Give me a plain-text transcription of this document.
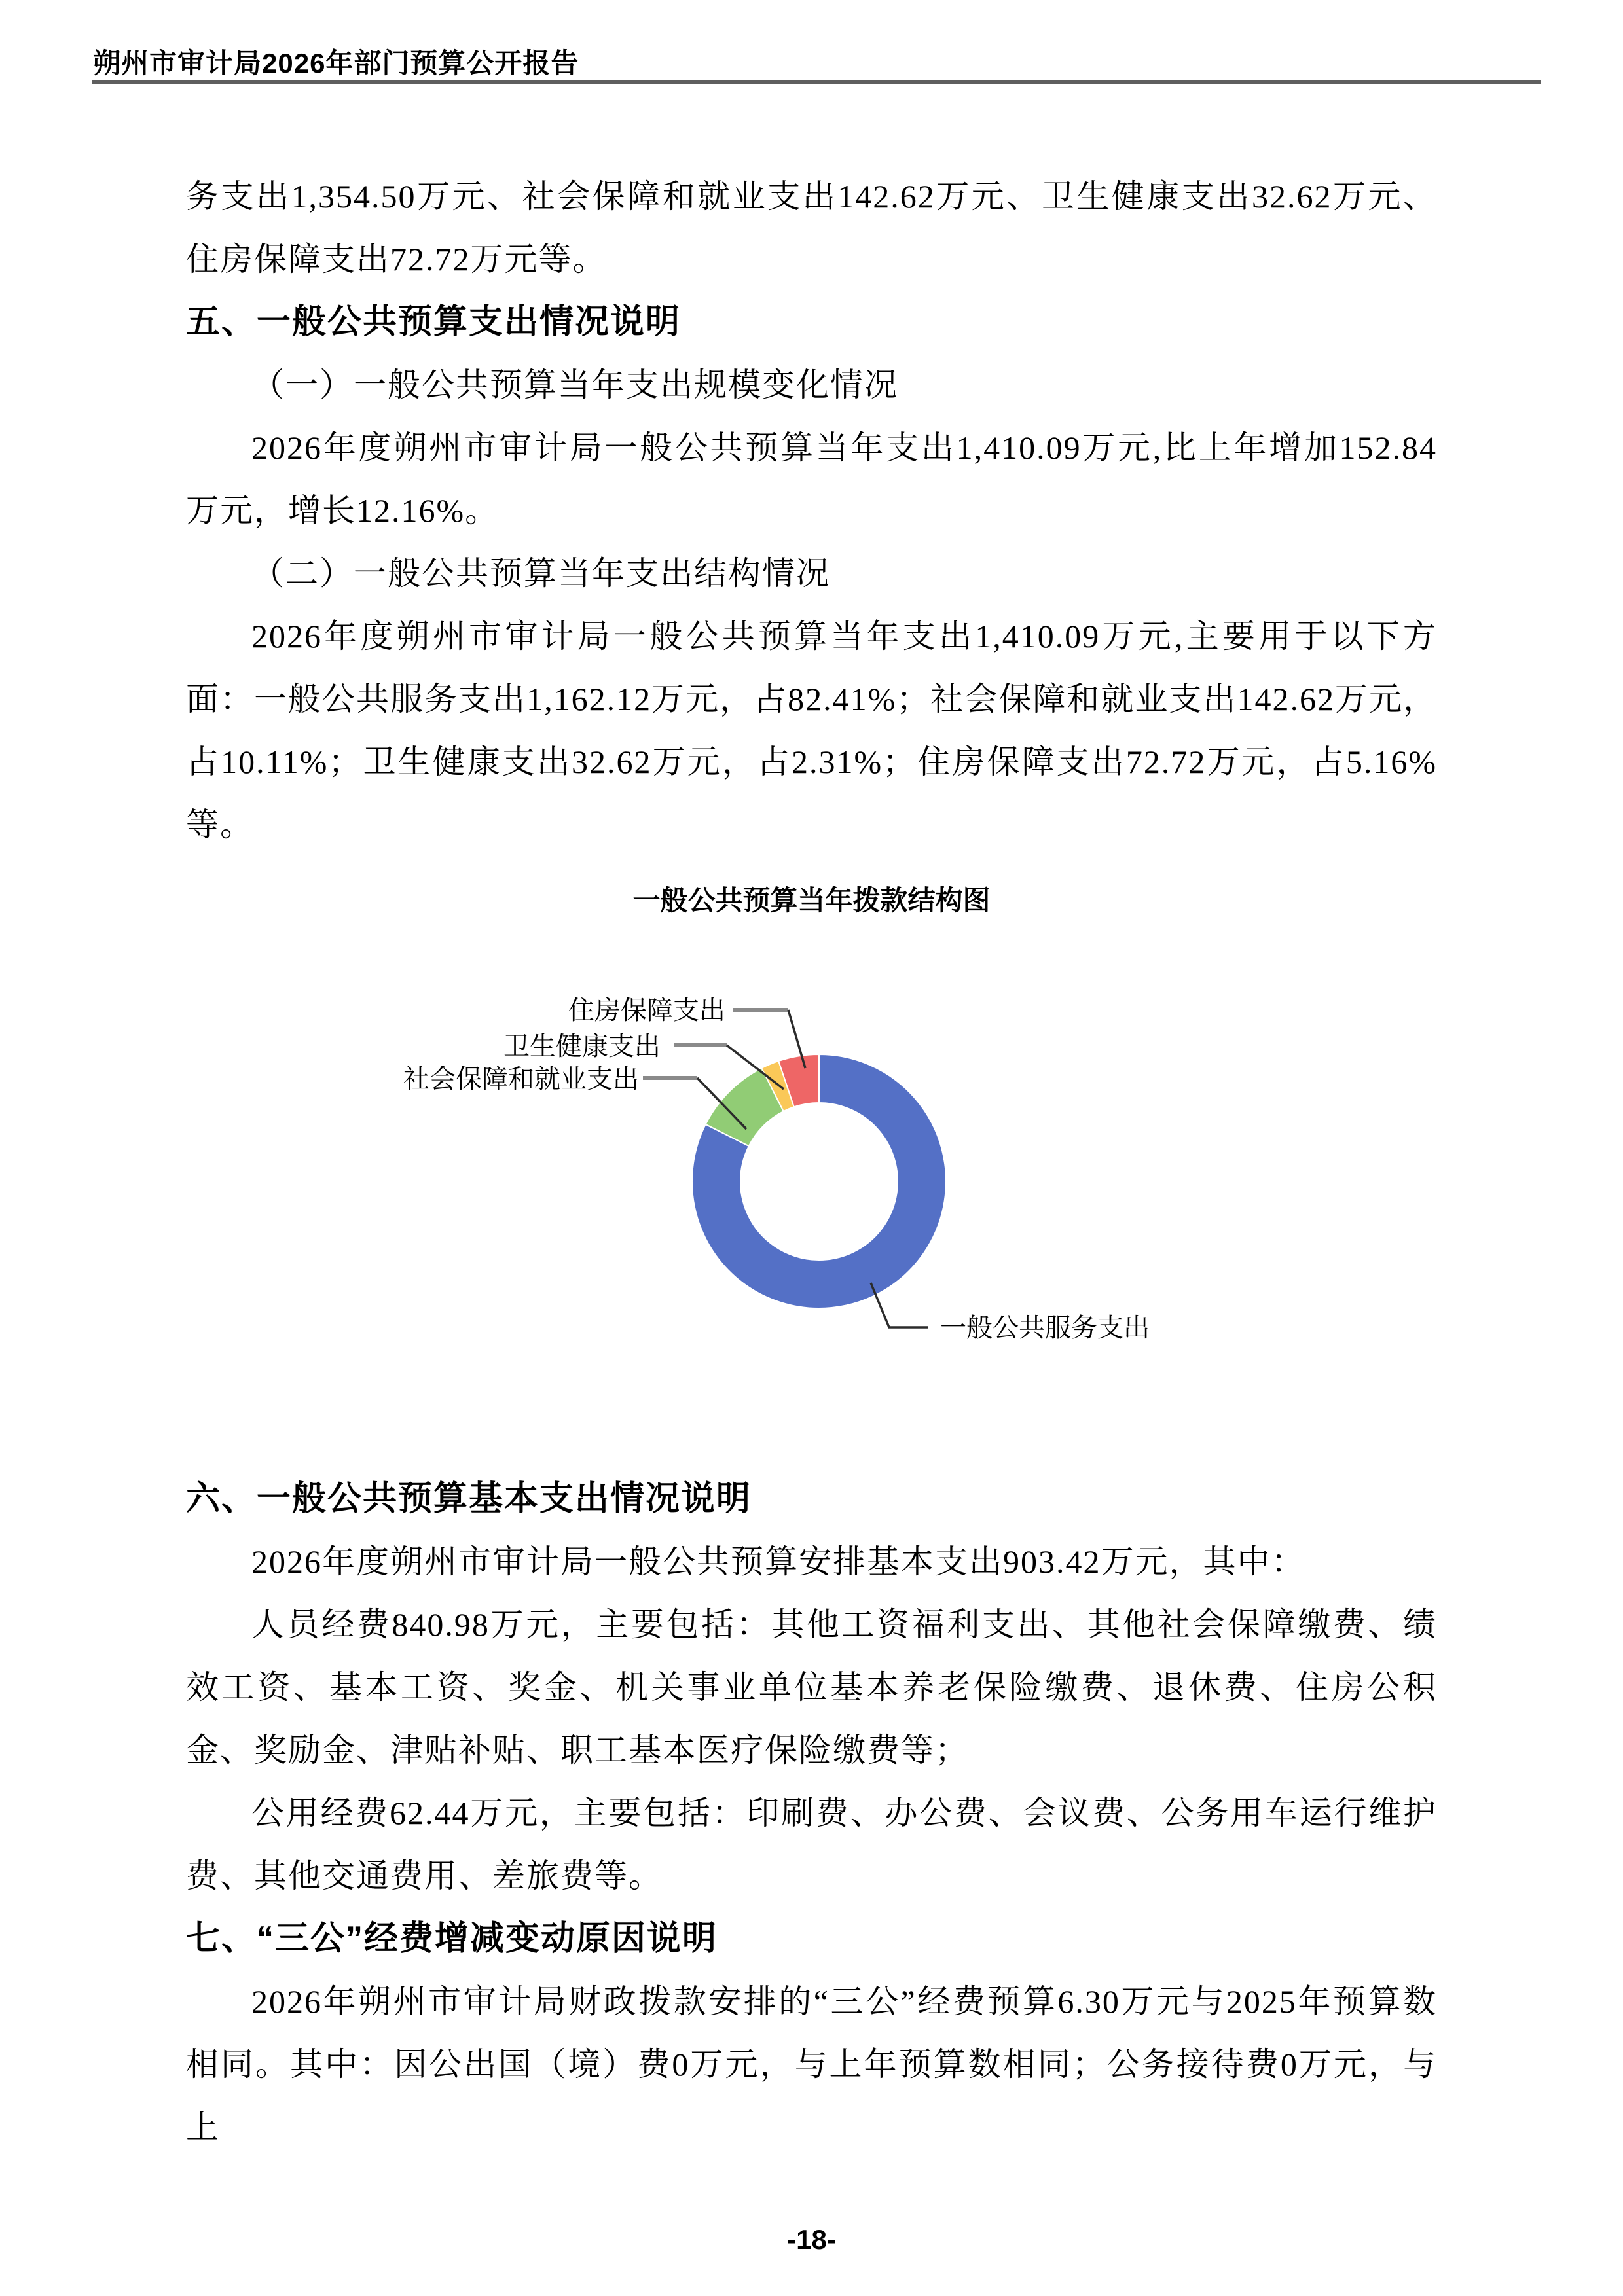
朔州市审计局2026年部门预算公开报告

务支出1,354.50万元、社会保障和就业支出142.62万元、卫生健康支出32.62万元、住房保障支出72.72万元等。

五、一般公共预算支出情况说明

（一）一般公共预算当年支出规模变化情况

2026年度朔州市审计局一般公共预算当年支出1,410.09万元,比上年增加152.84万元，增长12.16%。

（二）一般公共预算当年支出结构情况

2026年度朔州市审计局一般公共预算当年支出1,410.09万元,主要用于以下方面：一般公共服务支出1,162.12万元，占82.41%；社会保障和就业支出142.62万元，占10.11%；卫生健康支出32.62万元，占2.31%；住房保障支出72.72万元，占5.16%等。

一般公共预算当年拨款结构图
住房保障支出
卫生健康支出
社会保障和就业支出
一般公共服务支出
六、一般公共预算基本支出情况说明

2026年度朔州市审计局一般公共预算安排基本支出903.42万元，其中：

人员经费840.98万元，主要包括：其他工资福利支出、其他社会保障缴费、绩效工资、基本工资、奖金、机关事业单位基本养老保险缴费、退休费、住房公积金、奖励金、津贴补贴、职工基本医疗保险缴费等；

公用经费62.44万元，主要包括：印刷费、办公费、会议费、公务用车运行维护费、其他交通费用、差旅费等。

七、“三公”经费增减变动原因说明

2026年朔州市审计局财政拨款安排的“三公”经费预算6.30万元与2025年预算数相同。其中：因公出国（境）费0万元，与上年预算数相同；公务接待费0万元，与上

-18-
